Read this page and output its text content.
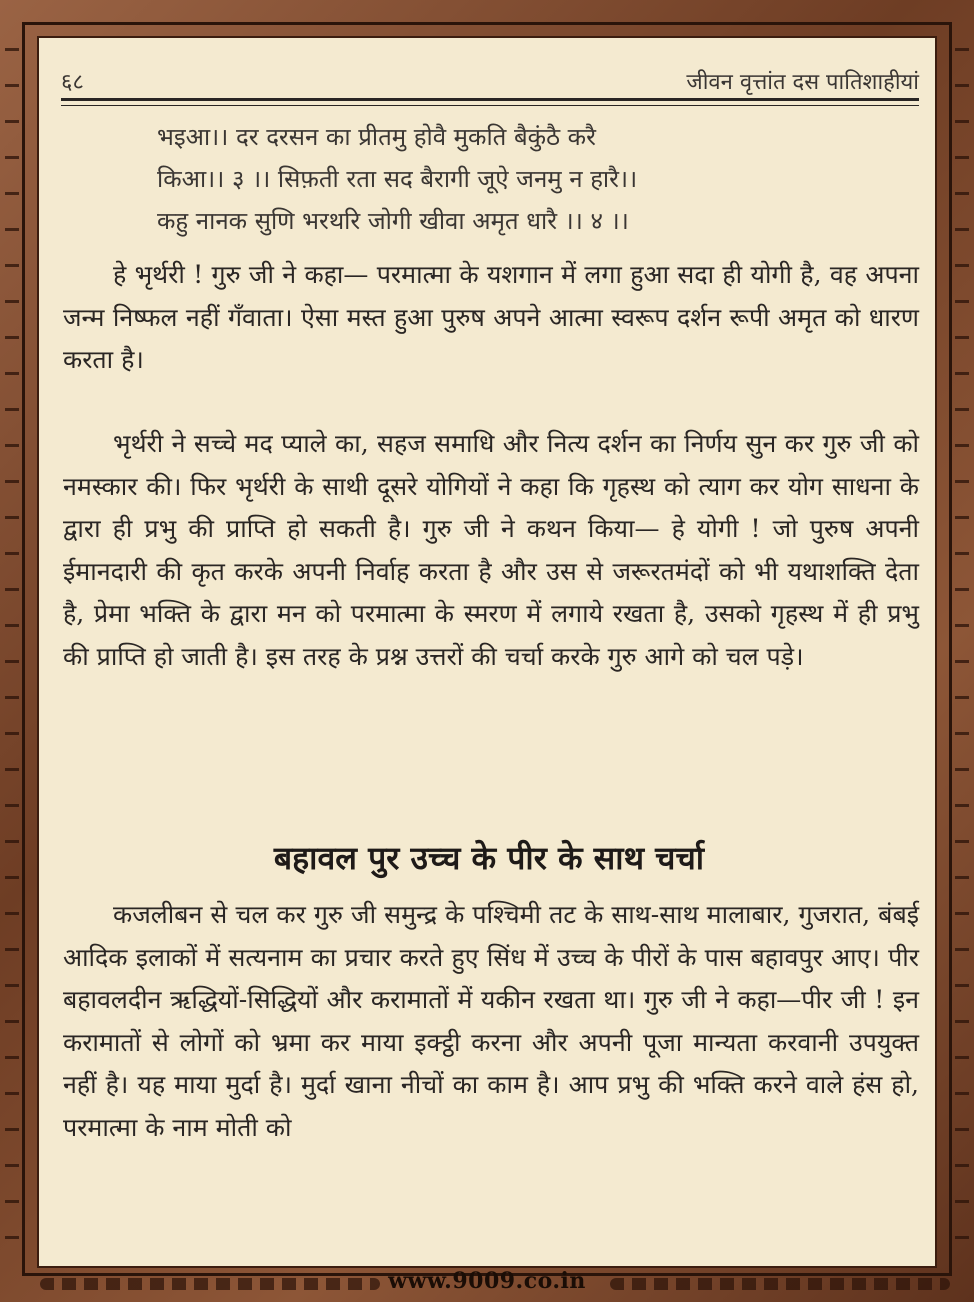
६८	जीवन वृत्तांत दस पातिशाहीयां
भइआ।। दर दरसन का प्रीतमु होवै मुकति बैकुंठै करै
किआ।। ३ ।। सिफ़ती रता सद बैरागी जूऐ जनमु न हारै।।
कहु नानक सुणि भरथरि जोगी खीवा अमृत धारै ।। ४ ।।

हे भृर्थरी ! गुरु जी ने कहा— परमात्मा के यशगान में लगा हुआ सदा ही योगी है, वह अपना जन्म निष्फल नहीं गँवाता। ऐसा मस्त हुआ पुरुष अपने आत्मा स्वरूप दर्शन रूपी अमृत को धारण करता है।

भृर्थरी ने सच्चे मद प्याले का, सहज समाधि और नित्य दर्शन का निर्णय सुन कर गुरु जी को नमस्कार की। फिर भृर्थरी के साथी दूसरे योगियों ने कहा कि गृहस्थ को त्याग कर योग साधना के द्वारा ही प्रभु की प्राप्ति हो सकती है। गुरु जी ने कथन किया— हे योगी ! जो पुरुष अपनी ईमानदारी की कृत करके अपनी निर्वाह करता है और उस से जरूरतमंदों को भी यथाशक्ति देता है, प्रेमा भक्ति के द्वारा मन को परमात्मा के स्मरण में लगाये रखता है, उसको गृहस्थ में ही प्रभु की प्राप्ति हो जाती है। इस तरह के प्रश्न उत्तरों की चर्चा करके गुरु आगे को चल पड़े।

बहावल पुर उच्च के पीर के साथ चर्चा

कजलीबन से चल कर गुरु जी समुन्द्र के पश्चिमी तट के साथ-साथ मालाबार, गुजरात, बंबई आदिक इलाकों में सत्यनाम का प्रचार करते हुए सिंध में उच्च के पीरों के पास बहावपुर आए। पीर बहावलदीन ऋद्धियों-सिद्धियों और करामातों में यकीन रखता था। गुरु जी ने कहा—पीर जी ! इन करामातों से लोगों को भ्रमा कर माया इक्ट्ठी करना और अपनी पूजा मान्यता करवानी उपयुक्त नहीं है। यह माया मुर्दा है। मुर्दा खाना नीचों का काम है। आप प्रभु की भक्ति करने वाले हंस हो, परमात्मा के नाम मोती को

www.9009.co.in
